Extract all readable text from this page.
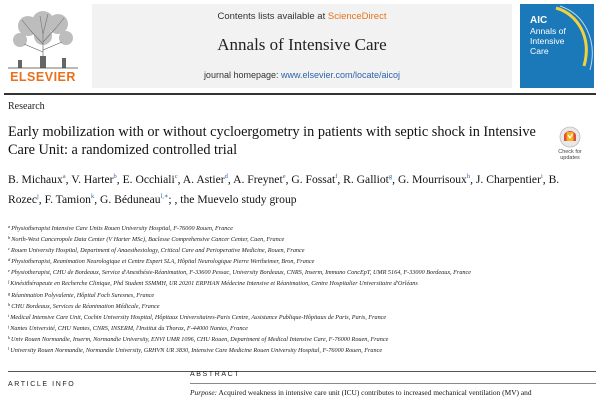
ELSEVIER
Contents lists available at ScienceDirect
Annals of Intensive Care
journal homepage: www.elsevier.com/locate/aicoj
AIC
Annals of
Intensive
Care
Research
Early mobilization with or without cycloergometry in patients with septic shock in Intensive Care Unit: a randomized controlled trial	Check for
updates
B. Michaux$^a$, V. Harter$^b$, E. Occhiali$^c$, A. Astier$^d$, A. Freynet$^e$, G. Fossat$^f$, R. Galliot$^g$, G. Mourrisoux$^h$, J. Charpentier$^i$, B. Rozec$^j$, F. Tamion$^k$, G. Béduneau$^{l,∗}$; , the Muevelo study group
$^a$Physiotherapist Intensive Care Units Rouen University Hospital, F-76000 Rouen, France
$^b$North-West Canceropole Data Center (V Harter MSc), Baclesse Comprehensive Cancer Center, Caen, France
$^c$Rouen University Hospital, Department of Anaesthesiology, Critical Care and Perioperative Medicine, Rouen, France
$^d$Physiotherapist, Reanimation Neurologique et Centre Expert SLA, Hôpital Neurologique Pierre Wertheimer, Bron, France
$^e$Physiotherapist, CHU de Bordeaux, Service d'Anesthésie-Réanimation, F-33600 Pessac, University Bordeaux, CNRS, Inserm, Immuno ConcEpT, UMR 5164, F-33000 Bordeaux, France
$^f$Kinésithérapeute en Recherche Clinique, Phd Student SSMMH, UR 20201 ERPHAN Médecine Intensive et Réanimation, Centre Hospitalier Universitaire d'Orléans
$^g$Réanimation Polyvalente, Hôpital Foch Suresnes, France
$^h$CHU Bordeaux, Services de Réanimation Médicale, France
$^i$Medical Intensive Care Unit, Cochin University Hospital, Hôpitaux Universitaires-Paris Centre, Assistance Publique-Hôpitaux de Paris, Paris, France
$^j$Nantes Université, CHU Nantes, CNRS, INSERM, l'Institut du Thorax, F-44000 Nantes, France
$^k$Univ Rouen Normandie, Inserm, Normandie University, ENVI UMR 1096, CHU Rouen, Department of Medical Intensive Care, F-76000 Rouen, France
$^l$University Rouen Normandie, Normandie University, GRHVN UR 3830, Intensive Care Medicine Rouen University Hospital, F-76000 Rouen, France
ARTICLE INFO
ABSTRACT
Purpose: Acquired weakness in intensive care unit (ICU) contributes to increased mechanical ventilation (MV) and
